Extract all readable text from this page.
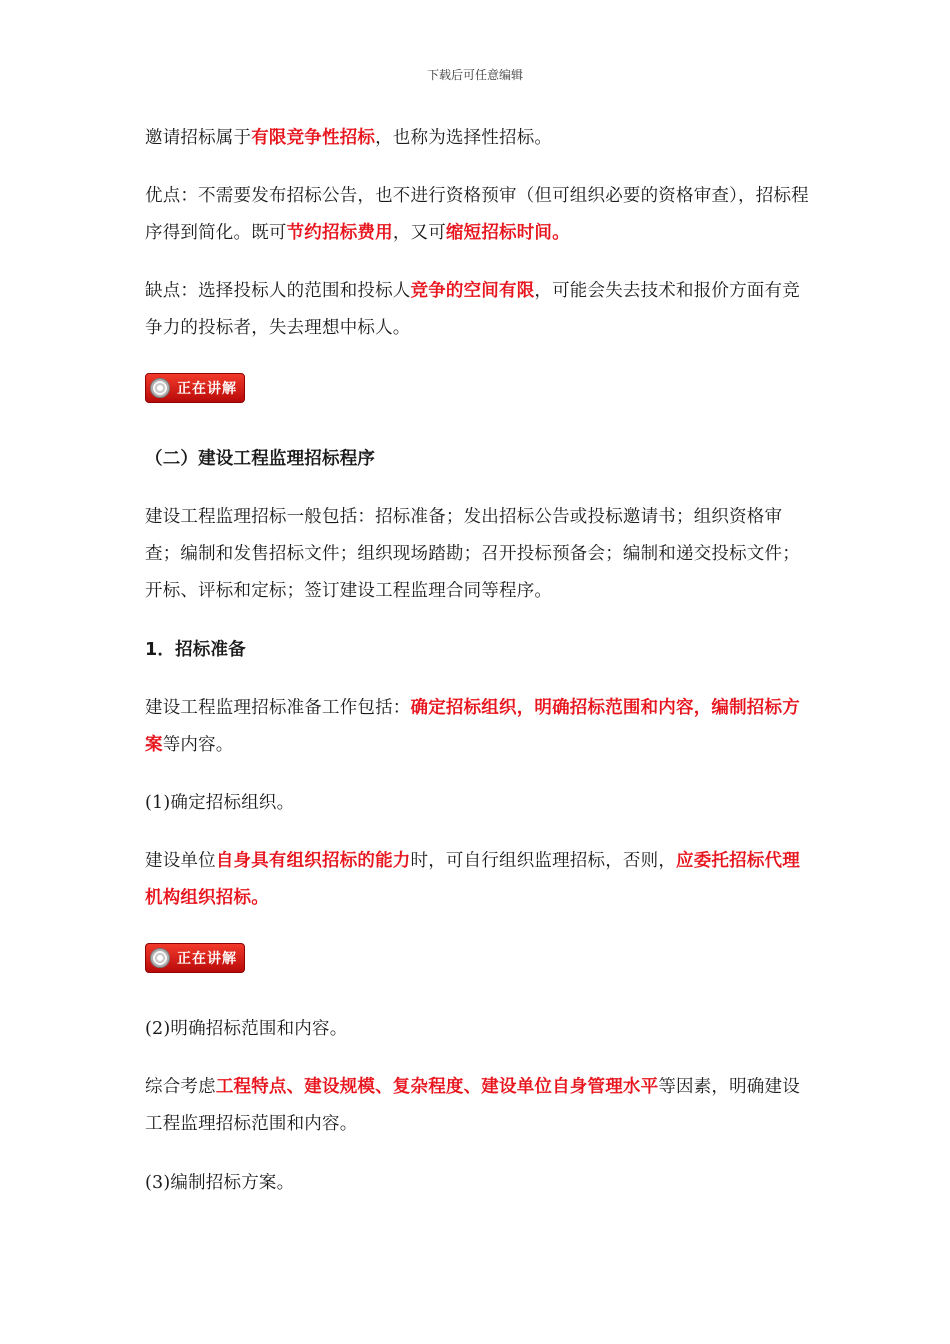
下载后可任意编辑

邀请招标属于有限竞争性招标，也称为选择性招标。

优点：不需要发布招标公告，也不进行资格预审（但可组织必要的资格审查），招标程序得到简化。既可节约招标费用，又可缩短招标时间。

缺点：选择投标人的范围和投标人竞争的空间有限，可能会失去技术和报价方面有竞争力的投标者，失去理想中标人。

正在讲解

（二）建设工程监理招标程序

建设工程监理招标一般包括：招标准备；发出招标公告或投标邀请书；组织资格审查；编制和发售招标文件；组织现场踏勘；召开投标预备会；编制和递交投标文件；开标、评标和定标；签订建设工程监理合同等程序。

1．招标准备

建设工程监理招标准备工作包括：确定招标组织，明确招标范围和内容，编制招标方案等内容。

(1)确定招标组织。

建设单位自身具有组织招标的能力时，可自行组织监理招标，否则，应委托招标代理机构组织招标。

正在讲解

(2)明确招标范围和内容。

综合考虑工程特点、建设规模、复杂程度、建设单位自身管理水平等因素，明确建设工程监理招标范围和内容。

(3)编制招标方案。
